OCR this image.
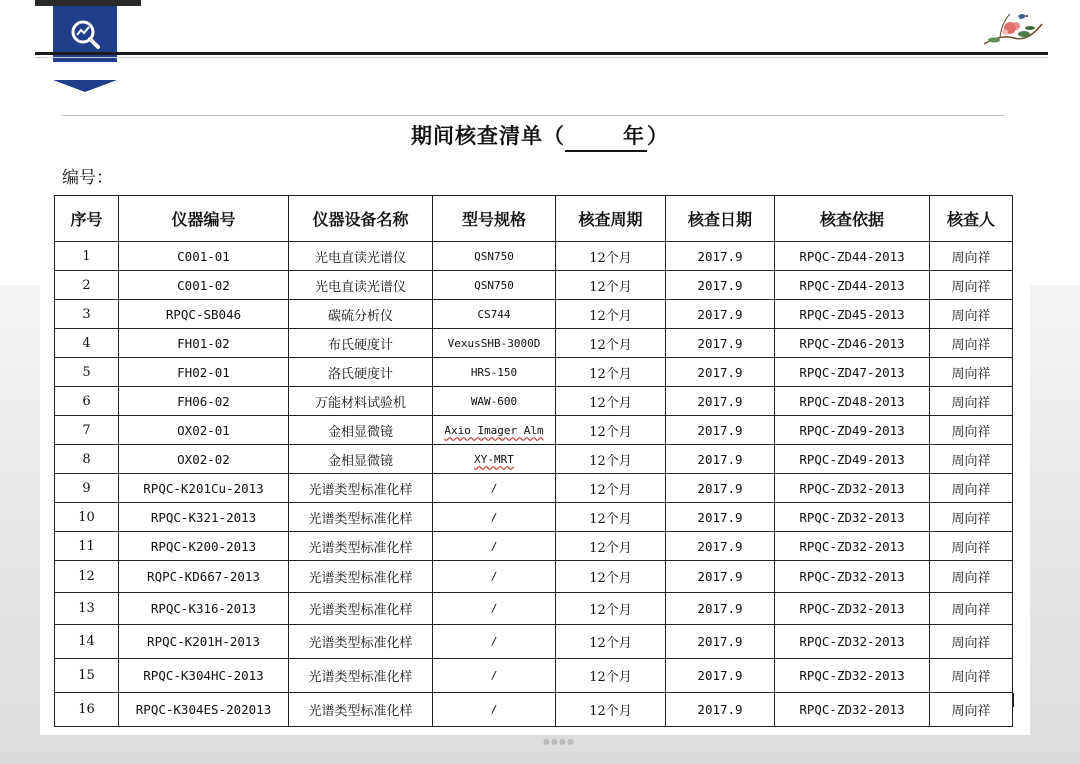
期间核查清单（	年）
编号：
序号	仪器编号	仪器设备名称	型号规格	核查周期	核查日期	核查依据	核查人
1	C001-01	光电直读光谱仪	QSN750	12个月	2017.9	RPQC-ZD44-2013	周向祥
2	C001-02	光电直读光谱仪	QSN750	12个月	2017.9	RPQC-ZD44-2013	周向祥
3	RPQC-SB046	碳硫分析仪	CS744	12个月	2017.9	RPQC-ZD45-2013	周向祥
4	FH01-02	布氏硬度计	VexusSHB-3000D	12个月	2017.9	RPQC-ZD46-2013	周向祥
5	FH02-01	洛氏硬度计	HRS-150	12个月	2017.9	RPQC-ZD47-2013	周向祥
6	FH06-02	万能材料试验机	WAW-600	12个月	2017.9	RPQC-ZD48-2013	周向祥
7	OX02-01	金相显微镜	Axio Imager Alm	12个月	2017.9	RPQC-ZD49-2013	周向祥
8	OX02-02	金相显微镜	XY-MRT	12个月	2017.9	RPQC-ZD49-2013	周向祥
9	RPQC-K201Cu-2013	光谱类型标准化样	/	12个月	2017.9	RPQC-ZD32-2013	周向祥
10	RPQC-K321-2013	光谱类型标准化样	/	12个月	2017.9	RPQC-ZD32-2013	周向祥
11	RPQC-K200-2013	光谱类型标准化样	/	12个月	2017.9	RPQC-ZD32-2013	周向祥
12	RQPC-KD667-2013	光谱类型标准化样	/	12个月	2017.9	RPQC-ZD32-2013	周向祥
13	RPQC-K316-2013	光谱类型标准化样	/	12个月	2017.9	RPQC-ZD32-2013	周向祥
14	RPQC-K201H-2013	光谱类型标准化样	/	12个月	2017.9	RPQC-ZD32-2013	周向祥
15	RPQC-K304HC-2013	光谱类型标准化样	/	12个月	2017.9	RPQC-ZD32-2013	周向祥
16	RPQC-K304ES-202013	光谱类型标准化样	/	12个月	2017.9	RPQC-ZD32-2013	周向祥
●●●●
